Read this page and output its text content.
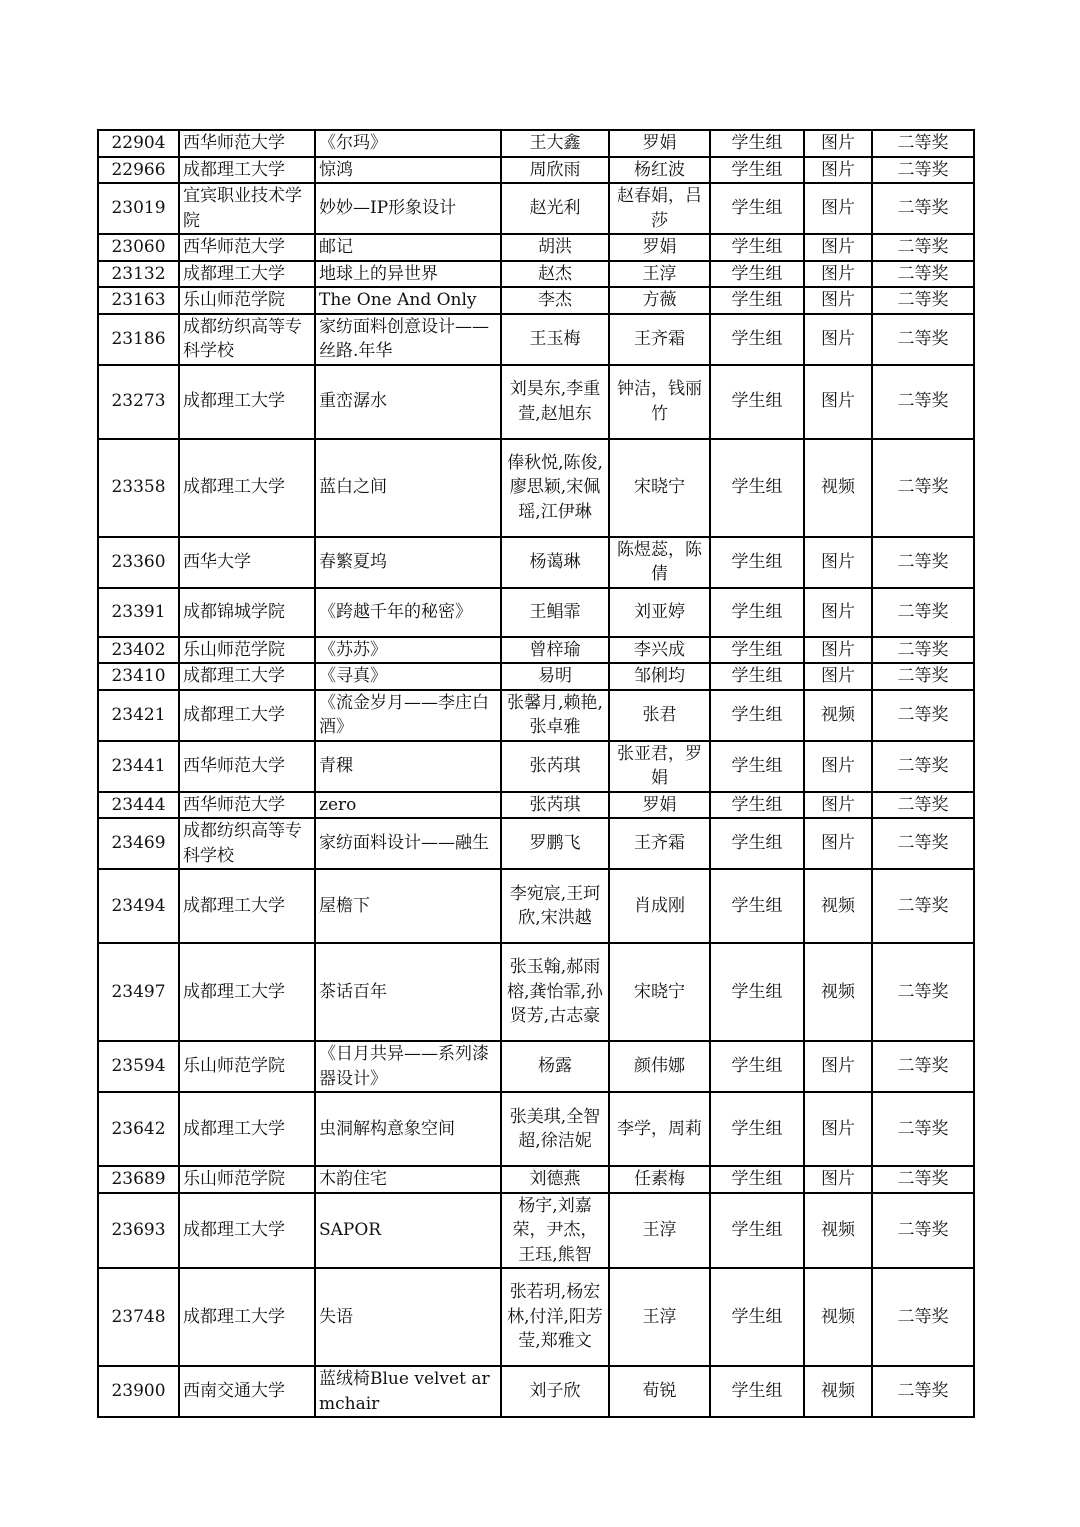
22904	西华师范大学	《尔玛》	王大鑫	罗娟	学生组	图片	二等奖
22966	成都理工大学	惊鸿	周欣雨	杨红波	学生组	图片	二等奖
23019	宜宾职业技术学院	妙妙—IP形象设计	赵光利	赵春娟，吕莎	学生组	图片	二等奖
23060	西华师范大学	邮记	胡洪	罗娟	学生组	图片	二等奖
23132	成都理工大学	地球上的异世界	赵杰	王淳	学生组	图片	二等奖
23163	乐山师范学院	The One And Only	李杰	方薇	学生组	图片	二等奖
23186	成都纺织高等专科学校	家纺面料创意设计——丝路.年华	王玉梅	王齐霜	学生组	图片	二等奖
23273	成都理工大学	重峦潺水	刘昊东,李重萱,赵旭东	钟洁，钱丽竹	学生组	图片	二等奖
23358	成都理工大学	蓝白之间	俸秋悦,陈俊,廖思颖,宋佩瑶,江伊琳	宋晓宁	学生组	视频	二等奖
23360	西华大学	春繁夏坞	杨蔼琳	陈煜蕊，陈倩	学生组	图片	二等奖
23391	成都锦城学院	《跨越千年的秘密》	王鲳霏	刘亚婷	学生组	图片	二等奖
23402	乐山师范学院	《苏苏》	曾梓瑜	李兴成	学生组	图片	二等奖
23410	成都理工大学	《寻真》	易明	邹俐均	学生组	图片	二等奖
23421	成都理工大学	《流金岁月——李庄白酒》	张馨月,赖艳,张卓雅	张君	学生组	视频	二等奖
23441	西华师范大学	青稞	张芮琪	张亚君，罗娟	学生组	图片	二等奖
23444	西华师范大学	zero	张芮琪	罗娟	学生组	图片	二等奖
23469	成都纺织高等专科学校	家纺面料设计——融生	罗鹏飞	王齐霜	学生组	图片	二等奖
23494	成都理工大学	屋檐下	李宛宸,王珂欣,宋洪越	肖成刚	学生组	视频	二等奖
23497	成都理工大学	茶话百年	张玉翰,郝雨榕,龚怡霏,孙贤芳,古志豪	宋晓宁	学生组	视频	二等奖
23594	乐山师范学院	《日月共异——系列漆器设计》	杨露	颜伟娜	学生组	图片	二等奖
23642	成都理工大学	虫洞解构意象空间	张美琪,全智超,徐洁妮	李学，周莉	学生组	图片	二等奖
23689	乐山师范学院	木韵住宅	刘德燕	任素梅	学生组	图片	二等奖
23693	成都理工大学	SAPOR	杨宇,刘嘉荣，尹杰，王珏,熊智	王淳	学生组	视频	二等奖
23748	成都理工大学	失语	张若玥,杨宏林,付洋,阳芳莹,郑雅文	王淳	学生组	视频	二等奖
23900	西南交通大学	蓝绒椅Blue velvet armchair	刘子欣	荀锐	学生组	视频	二等奖
